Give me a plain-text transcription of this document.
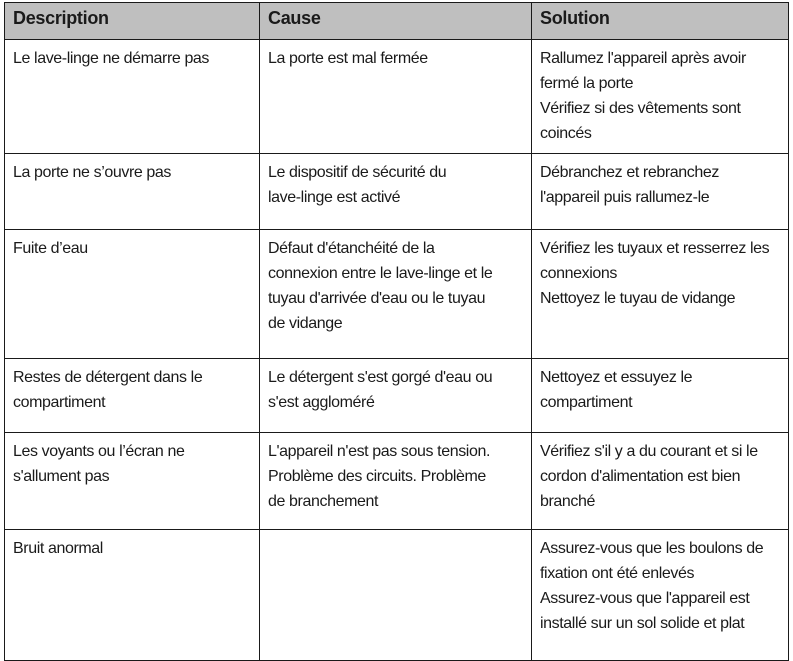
Description	Cause	Solution

Le lave-linge ne démarre pas	La porte est mal fermée	Rallumez l'appareil après avoir
fermé la porte
Vérifiez si des vêtements sont
coincés

La porte ne s’ouvre pas	Le dispositif de sécurité du
lave-linge est activé	Débranchez et rebranchez
l'appareil puis rallumez-le

Fuite d’eau	Défaut d'étanchéité de la
connexion entre le lave-linge et le
tuyau d'arrivée d'eau ou le tuyau
de vidange	Vérifiez les tuyaux et resserrez les
connexions
Nettoyez le tuyau de vidange

Restes de détergent dans le
compartiment	Le détergent s'est gorgé d'eau ou
s'est aggloméré	Nettoyez et essuyez le
compartiment

Les voyants ou l’écran ne
s'allument pas	L'appareil n'est pas sous tension.
Problème des circuits. Problème
de branchement	Vérifiez s'il y a du courant et si le
cordon d'alimentation est bien
branché

Bruit anormal		Assurez-vous que les boulons de
fixation ont été enlevés
Assurez-vous que l'appareil est
installé sur un sol solide et plat
